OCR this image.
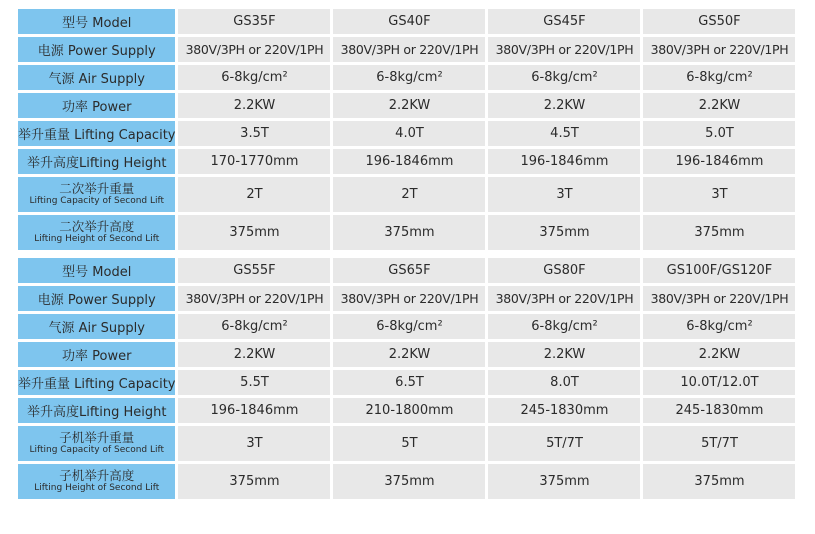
型号 Model	GS35F	GS40F	GS45F	GS50F
电源 Power Supply	380V/3PH or 220V/1PH	380V/3PH or 220V/1PH	380V/3PH or 220V/1PH	380V/3PH or 220V/1PH
气源 Air Supply	6-8kg/cm²	6-8kg/cm²	6-8kg/cm²	6-8kg/cm²
功率 Power	2.2KW	2.2KW	2.2KW	2.2KW
举升重量 Lifting Capacity	3.5T	4.0T	4.5T	5.0T
举升高度Lifting Height	170-1770mm	196-1846mm	196-1846mm	196-1846mm

二次举升重量
Lifting Capacity of Second Lift	2T	2T	3T	3T

二次举升高度
Lifting Height of Second Lift	375mm	375mm	375mm	375mm
型号 Model	GS55F	GS65F	GS80F	GS100F/GS120F
电源 Power Supply	380V/3PH or 220V/1PH	380V/3PH or 220V/1PH	380V/3PH or 220V/1PH	380V/3PH or 220V/1PH
气源 Air Supply	6-8kg/cm²	6-8kg/cm²	6-8kg/cm²	6-8kg/cm²
功率 Power	2.2KW	2.2KW	2.2KW	2.2KW
举升重量 Lifting Capacity	5.5T	6.5T	8.0T	10.0T/12.0T
举升高度Lifting Height	196-1846mm	210-1800mm	245-1830mm	245-1830mm

子机举升重量
Lifting Capacity of Second Lift	3T	5T	5T/7T	5T/7T

子机举升高度
Lifting Height of Second Lift	375mm	375mm	375mm	375mm
